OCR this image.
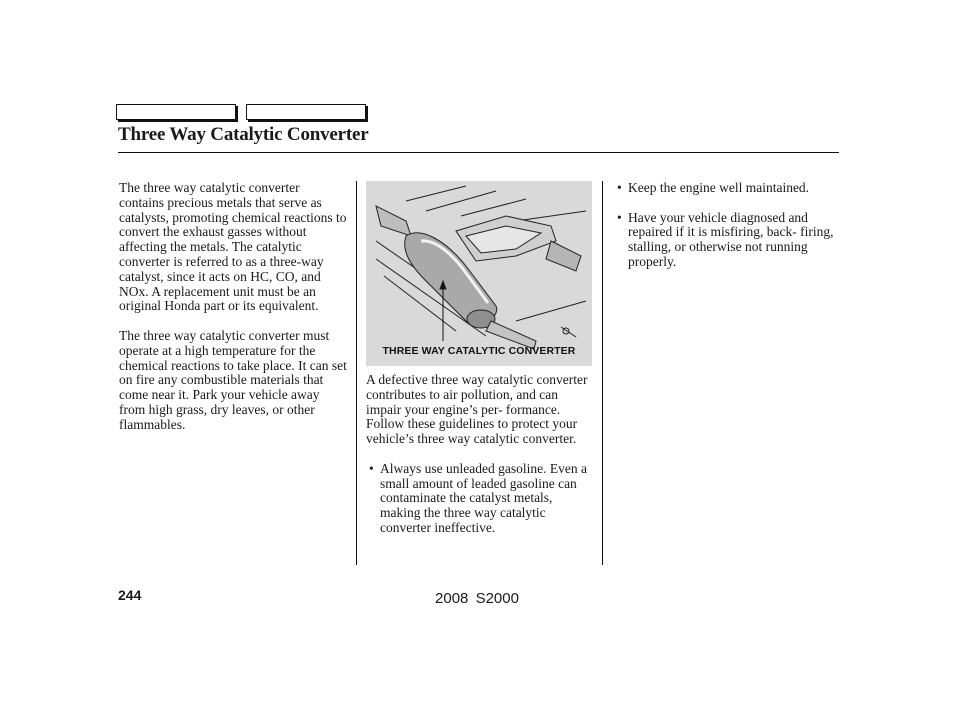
Three Way Catalytic Converter

The three way catalytic converter contains precious metals that serve as catalysts, promoting chemical reactions to convert the exhaust gasses without affecting the metals. The catalytic converter is referred to as a three-way catalyst, since it acts on HC, CO, and NOx. A replacement unit must be an original Honda part or its equivalent.

The three way catalytic converter must operate at a high temperature for the chemical reactions to take place. It can set on fire any combustible materials that come near it. Park your vehicle away from high grass, dry leaves, or other flammables.

THREE WAY CATALYTIC CONVERTER

A defective three way catalytic converter contributes to air pollution, and can impair your engine’s per- formance. Follow these guidelines to protect your vehicle’s three way catalytic converter.

• Always use unleaded gasoline. Even a small amount of leaded gasoline can contaminate the catalyst metals, making the three way catalytic converter ineffective.
• Keep the engine well maintained.
• Have your vehicle diagnosed and repaired if it is misfiring, back- firing, stalling, or otherwise not running properly.
244	2008 S2000
